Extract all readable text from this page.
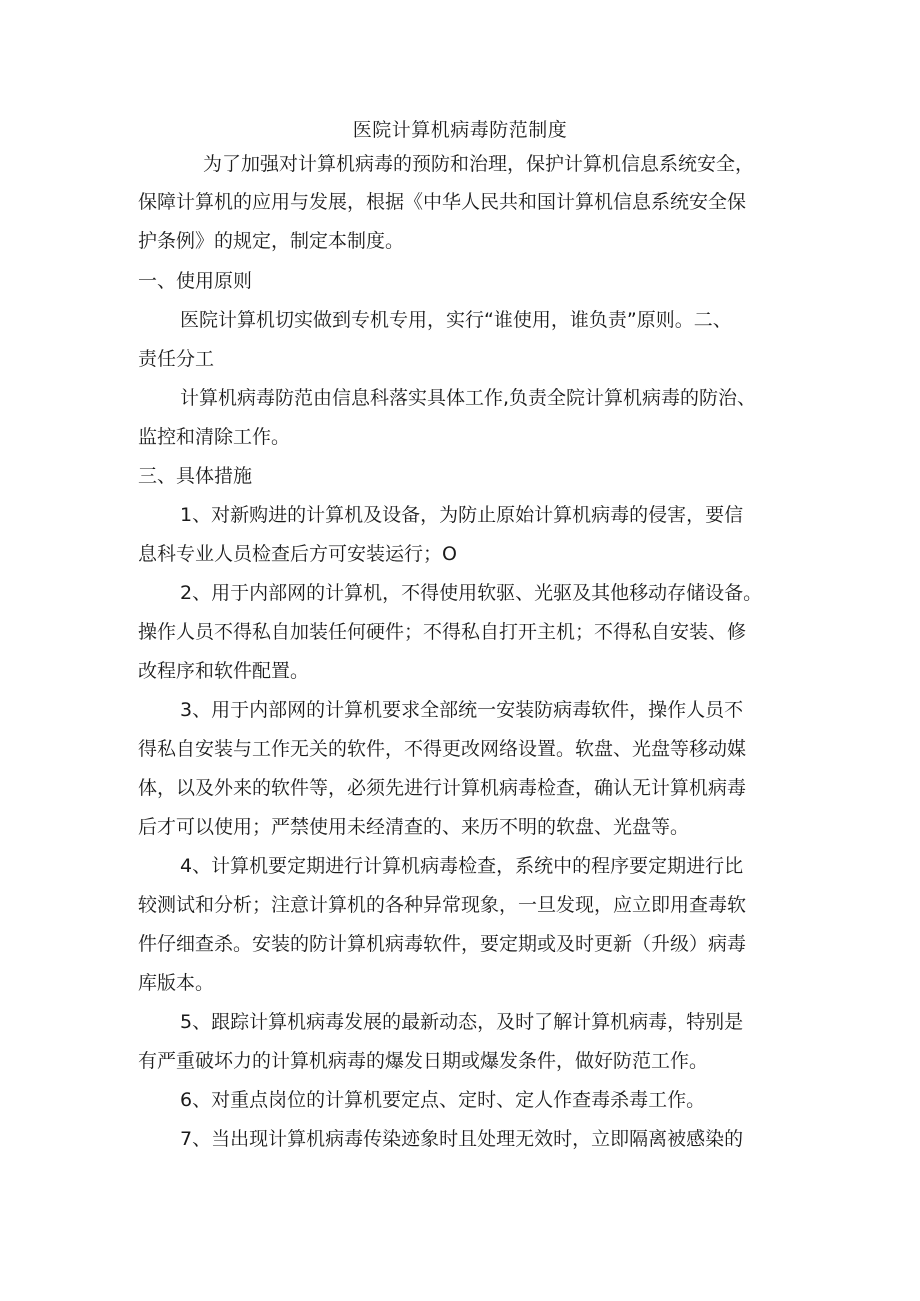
医院计算机病毒防范制度
为了加强对计算机病毒的预防和治理，保护计算机信息系统安全，
保障计算机的应用与发展，根据《中华人民共和国计算机信息系统安全保
护条例》的规定，制定本制度。
一、使用原则
医院计算机切实做到专机专用，实行“谁使用，谁负责”原则。二、
责任分工
计算机病毒防范由信息科落实具体工作,负责全院计算机病毒的防治、
监控和清除工作。
三、具体措施
1、对新购进的计算机及设备，为防止原始计算机病毒的侵害，要信
息科专业人员检查后方可安装运行；O
2、用于内部网的计算机，不得使用软驱、光驱及其他移动存储设备。
操作人员不得私自加装任何硬件；不得私自打开主机；不得私自安装、修
改程序和软件配置。
3、用于内部网的计算机要求全部统一安装防病毒软件，操作人员不
得私自安装与工作无关的软件，不得更改网络设置。软盘、光盘等移动媒
体，以及外来的软件等，必须先进行计算机病毒检查，确认无计算机病毒
后才可以使用；严禁使用未经清查的、来历不明的软盘、光盘等。
4、计算机要定期进行计算机病毒检查，系统中的程序要定期进行比
较测试和分析；注意计算机的各种异常现象，一旦发现，应立即用查毒软
件仔细查杀。安装的防计算机病毒软件，要定期或及时更新（升级）病毒
库版本。
5、跟踪计算机病毒发展的最新动态，及时了解计算机病毒，特别是
有严重破坏力的计算机病毒的爆发日期或爆发条件，做好防范工作。
6、对重点岗位的计算机要定点、定时、定人作查毒杀毒工作。
7、当出现计算机病毒传染迹象时且处理无效时，立即隔离被感染的
